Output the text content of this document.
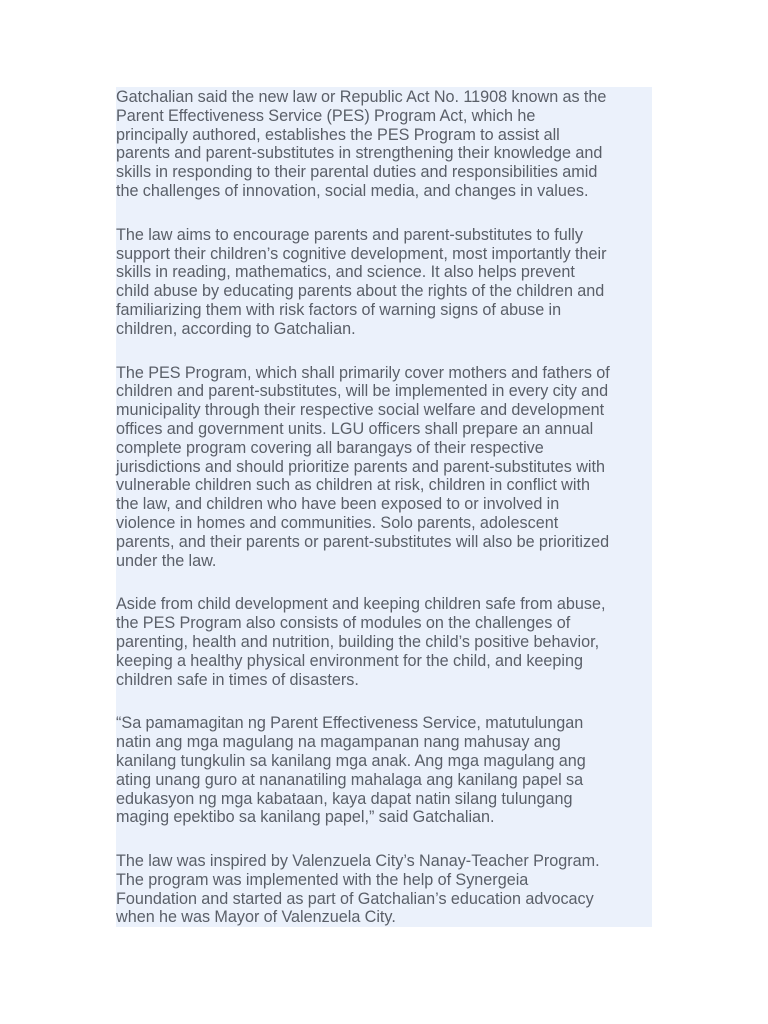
Gatchalian said the new law or Republic Act No. 11908 known as the
Parent Effectiveness Service (PES) Program Act, which he
principally authored, establishes the PES Program to assist all
parents and parent-substitutes in strengthening their knowledge and
skills in responding to their parental duties and responsibilities amid
the challenges of innovation, social media, and changes in values.
The law aims to encourage parents and parent-substitutes to fully
support their children’s cognitive development, most importantly their
skills in reading, mathematics, and science. It also helps prevent
child abuse by educating parents about the rights of the children and
familiarizing them with risk factors of warning signs of abuse in
children, according to Gatchalian.
The PES Program, which shall primarily cover mothers and fathers of
children and parent-substitutes, will be implemented in every city and
municipality through their respective social welfare and development
offices and government units. LGU officers shall prepare an annual
complete program covering all barangays of their respective
jurisdictions and should prioritize parents and parent-substitutes with
vulnerable children such as children at risk, children in conflict with
the law, and children who have been exposed to or involved in
violence in homes and communities. Solo parents, adolescent
parents, and their parents or parent-substitutes will also be prioritized
under the law.
Aside from child development and keeping children safe from abuse,
the PES Program also consists of modules on the challenges of
parenting, health and nutrition, building the child’s positive behavior,
keeping a healthy physical environment for the child, and keeping
children safe in times of disasters.
“Sa pamamagitan ng Parent Effectiveness Service, matutulungan
natin ang mga magulang na magampanan nang mahusay ang
kanilang tungkulin sa kanilang mga anak. Ang mga magulang ang
ating unang guro at nananatiling mahalaga ang kanilang papel sa
edukasyon ng mga kabataan, kaya dapat natin silang tulungang
maging epektibo sa kanilang papel,” said Gatchalian.
The law was inspired by Valenzuela City’s Nanay-Teacher Program.
The program was implemented with the help of Synergeia
Foundation and started as part of Gatchalian’s education advocacy
when he was Mayor of Valenzuela City.
